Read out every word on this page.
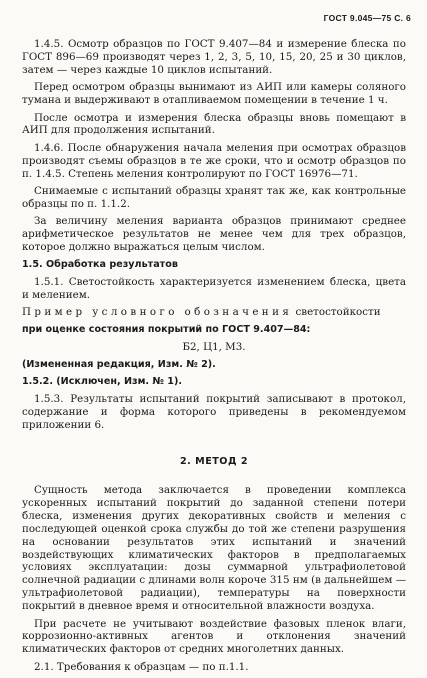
ГОСТ 9.045—75 С. 6

1.4.5. Осмотр образцов по ГОСТ 9.407—84 и измерение блеска по ГОСТ 896—69 производят через 1, 2, 3, 5, 10, 15, 20, 25 и 30 циклов, затем — через каждые 10 циклов испытаний.

Перед осмотром образцы вынимают из АИП или камеры соляного тумана и выдерживают в отапливаемом помещении в течение 1 ч.

После осмотра и измерения блеска образцы вновь помещают в АИП для продолжения испытаний.

1.4.6. После обнаружения начала меления при осмотрах образцов производят съемы образцов в те же сроки, что и осмотр образцов по п. 1.4.5. Степень меления контролируют по ГОСТ 16976—71.

Снимаемые с испытаний образцы хранят так же, как контрольные образцы по п. 1.1.2.

За величину меления варианта образцов принимают среднее арифметическое результатов не менее чем для трех образцов, которое должно выражаться целым числом.

1.5. Обработка результатов

1.5.1. Светостойкость характеризуется изменением блеска, цвета и мелением.

Пример условного обозначения светостойкости

при оценке состояния покрытий по ГОСТ 9.407—84:

Б2, Ц1, М3.

(Измененная редакция, Изм. № 2).

1.5.2. (Исключен, Изм. № 1).

1.5.3. Результаты испытаний покрытий записывают в протокол, содержание и форма которого приведены в рекомендуемом приложении 6.

2. МЕТОД 2

Сущность метода заключается в проведении комплекса ускоренных испытаний покрытий до заданной степени потери блеска, изменения других декоративных свойств и меления с последующей оценкой срока службы до той же степени разрушения на основании результатов этих испытаний и значений воздействующих климатических факторов в предполагаемых условиях эксплуатации: дозы суммарной ультрафиолетовой солнечной радиации с длинами волн короче 315 нм (в дальнейшем — ультрафиолетовой радиации), температуры на поверхности покрытий в дневное время и относительной влажности воздуха.

При расчете не учитывают воздействие фазовых пленок влаги, коррозионно-активных агентов и отклонения значений климатических факторов от средних многолетних данных.

2.1. Требования к образцам — по п.1.1.
